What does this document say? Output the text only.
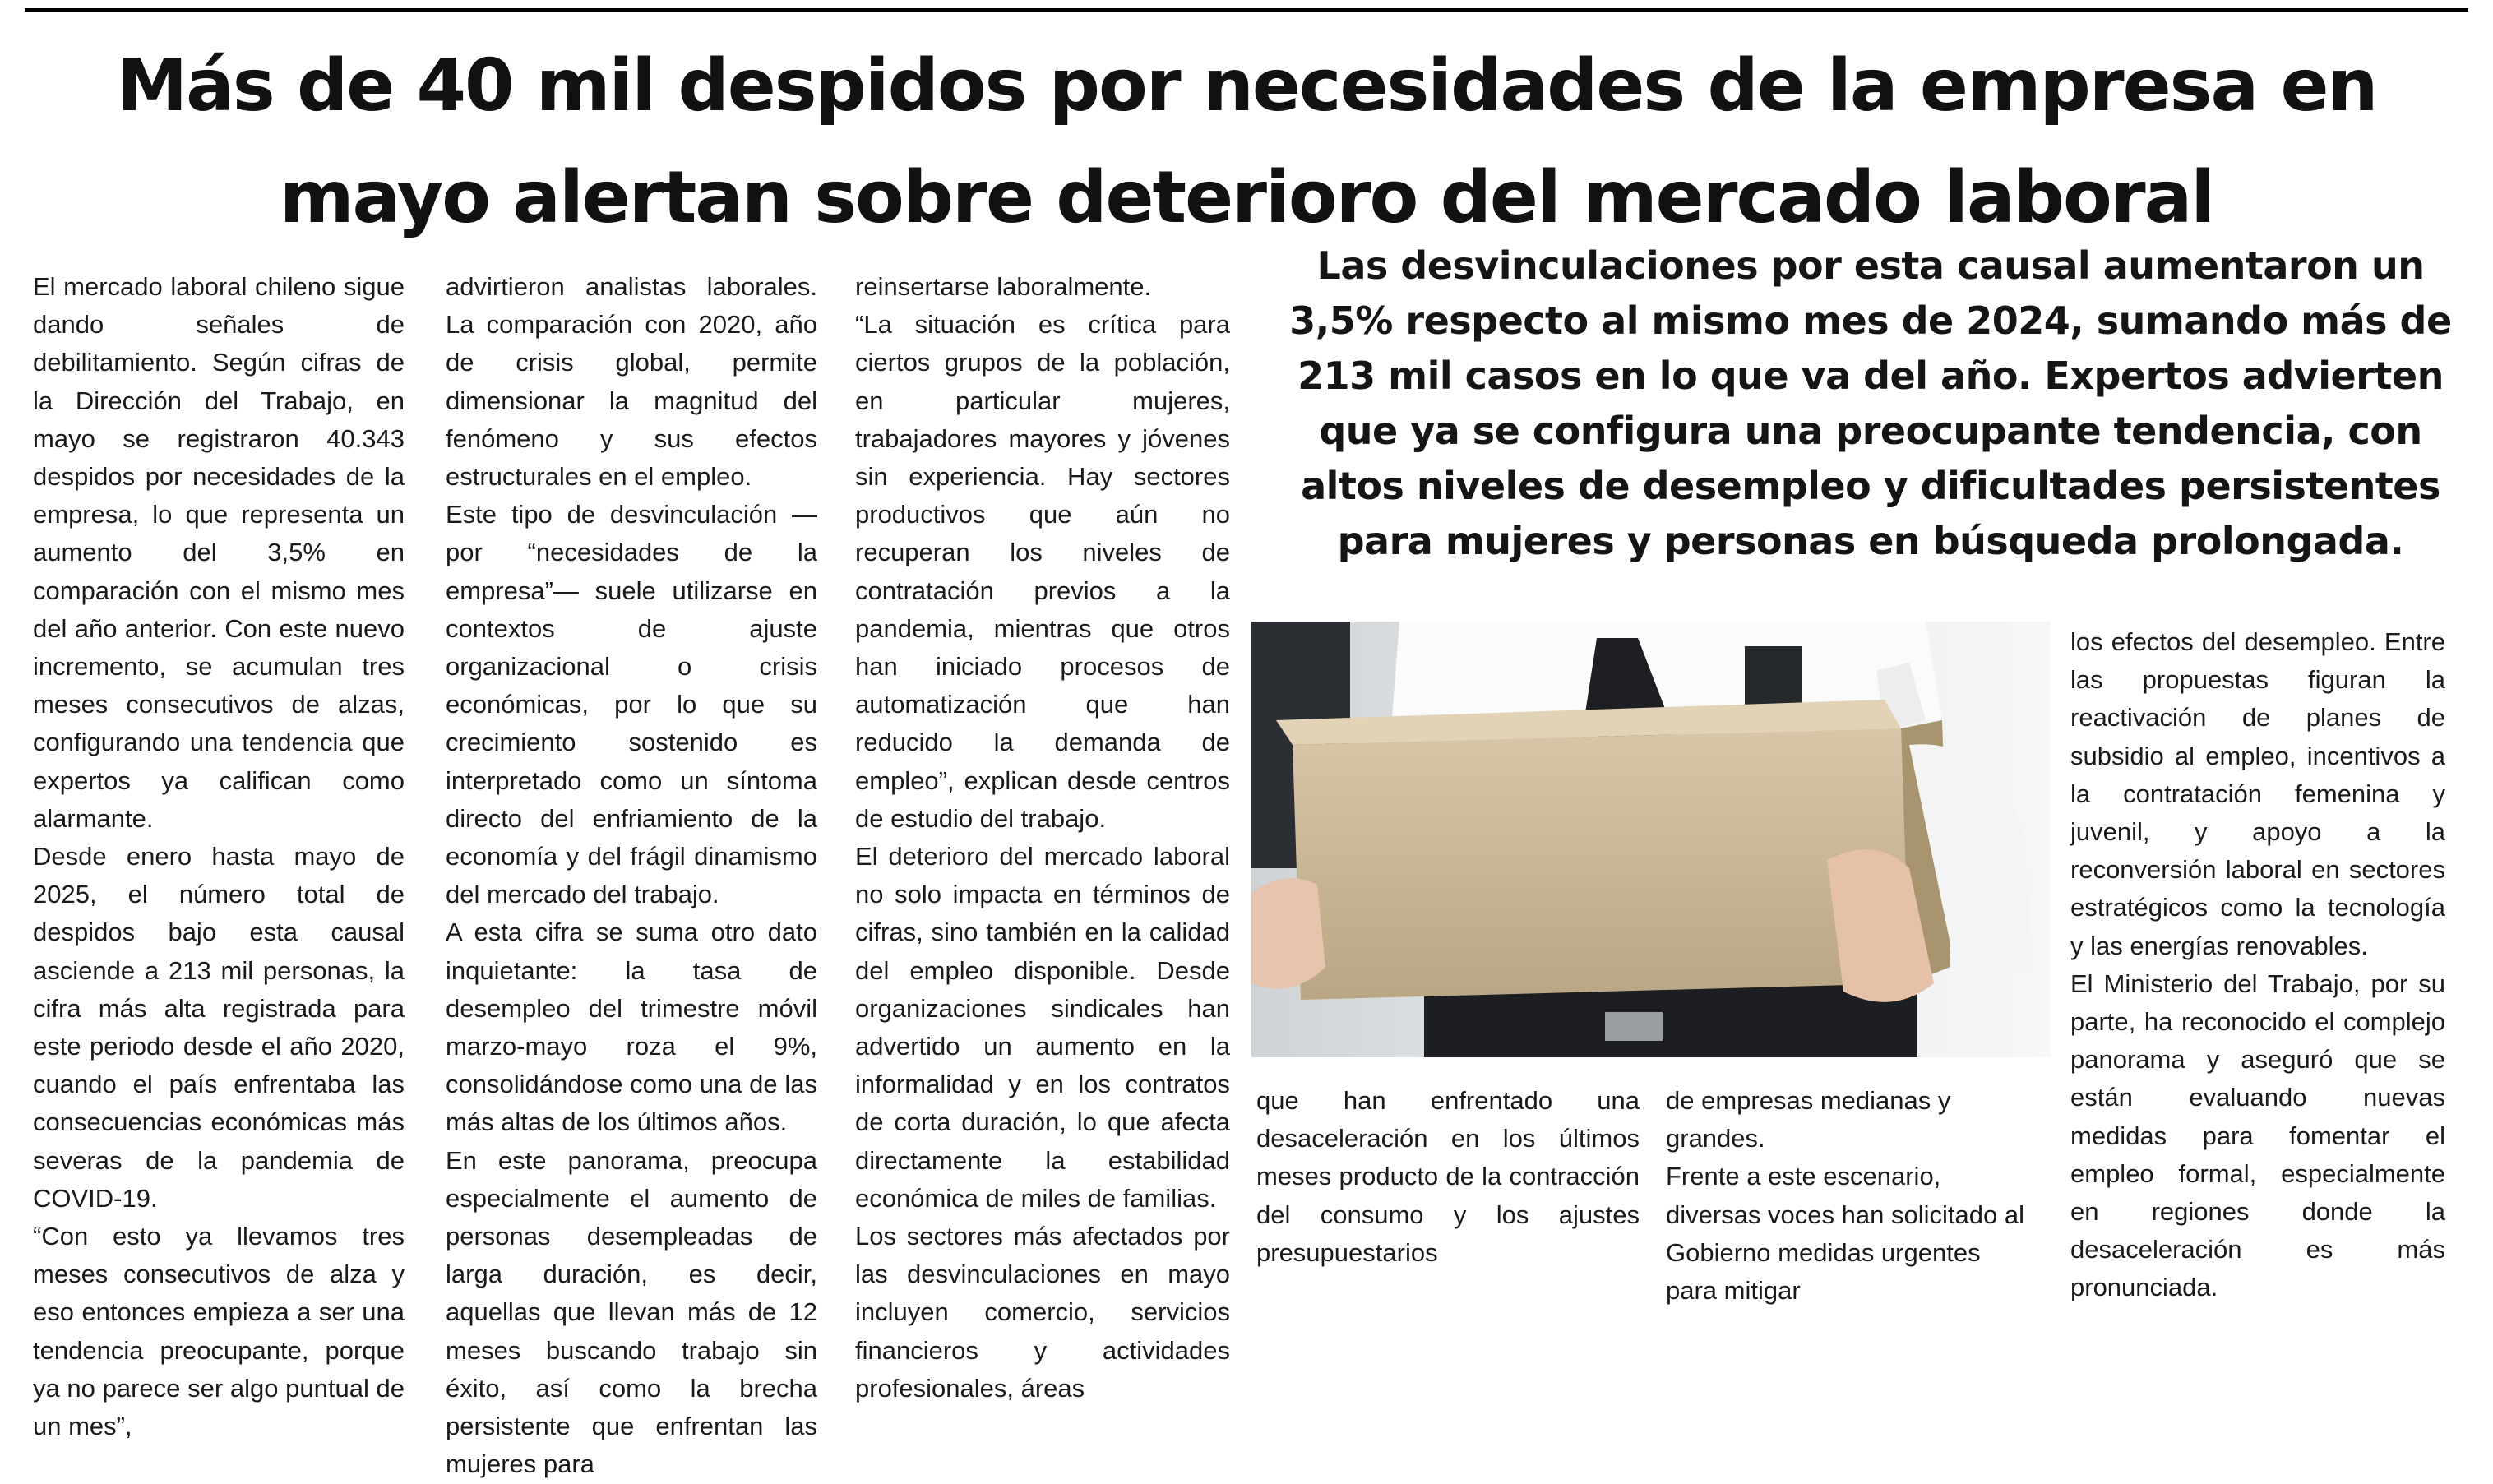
Más de 40 mil despidos por necesidades de la empresa en
mayo alertan sobre deterioro del mercado laboral

El mercado laboral chileno sigue dando señales de debilitamiento. Según cifras de la Dirección del Trabajo, en mayo se registraron 40.343 despidos por necesidades de la empresa, lo que representa un aumento del 3,5% en comparación con el mismo mes del año anterior. Con este nuevo incremento, se acumulan tres meses consecutivos de alzas, configurando una tendencia que expertos ya califican como alarmante.

Desde enero hasta mayo de 2025, el número total de despidos bajo esta causal asciende a 213 mil personas, la cifra más alta registrada para este periodo desde el año 2020, cuando el país enfrentaba las consecuencias económicas más severas de la pandemia de COVID-19.

“Con esto ya llevamos tres meses consecutivos de alza y eso entonces empieza a ser una tendencia preocupante, porque ya no parece ser algo puntual de un mes”,

advirtieron analistas laborales. La comparación con 2020, año de crisis global, permite dimensionar la magnitud del fenómeno y sus efectos estructurales en el empleo.

Este tipo de desvinculación —por “necesidades de la empresa”— suele utilizarse en contextos de ajuste organizacional o crisis económicas, por lo que su crecimiento sostenido es interpretado como un síntoma directo del enfriamiento de la economía y del frágil dinamismo del mercado del trabajo.

A esta cifra se suma otro dato inquietante: la tasa de desempleo del trimestre móvil marzo-mayo roza el 9%, consolidándose como una de las más altas de los últimos años.

En este panorama, preocupa especialmente el aumento de personas desempleadas de larga duración, es decir, aquellas que llevan más de 12 meses buscando trabajo sin éxito, así como la brecha persistente que enfrentan las mujeres para

reinsertarse laboralmente.

“La situación es crítica para ciertos grupos de la población, en particular mujeres, trabajadores mayores y jóvenes sin experiencia. Hay sectores productivos que aún no recuperan los niveles de contratación previos a la pandemia, mientras que otros han iniciado procesos de automatización que han reducido la demanda de empleo”, explican desde centros de estudio del trabajo.

El deterioro del mercado laboral no solo impacta en términos de cifras, sino también en la calidad del empleo disponible. Desde organizaciones sindicales han advertido un aumento en la informalidad y en los contratos de corta duración, lo que afecta directamente la estabilidad económica de miles de familias.

Los sectores más afectados por las desvinculaciones en mayo incluyen comercio, servicios financieros y actividades profesionales, áreas

Las desvinculaciones por esta causal aumentaron un 3,5% respecto al mismo mes de 2024, sumando más de 213 mil casos en lo que va del año. Expertos advierten que ya se configura una preocupante tendencia, con altos niveles de desempleo y dificultades persistentes para mujeres y personas en búsqueda prolongada.

que han enfrentado una desaceleración en los últimos meses producto de la contracción del consumo y los ajustes presupuestarios

de empresas medianas y grandes.

Frente a este escenario, diversas voces han solicitado al Gobierno medidas urgentes para mitigar

los efectos del desempleo. Entre las propuestas figuran la reactivación de planes de subsidio al empleo, incentivos a la contratación femenina y juvenil, y apoyo a la reconversión laboral en sectores estratégicos como la tecnología y las energías renovables.

El Ministerio del Trabajo, por su parte, ha reconocido el complejo panorama y aseguró que se están evaluando nuevas medidas para fomentar el empleo formal, especialmente en regiones donde la desaceleración es más pronunciada.
